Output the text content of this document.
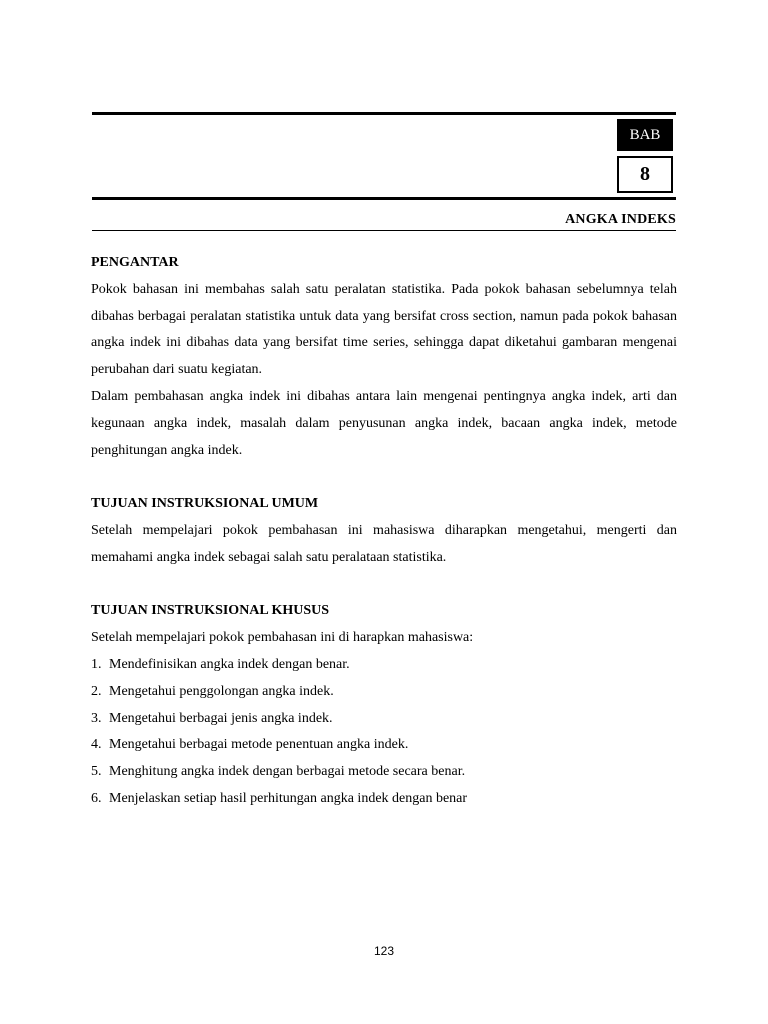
BAB
8
ANGKA INDEKS
PENGANTAR

Pokok bahasan ini membahas salah satu peralatan statistika. Pada pokok bahasan sebelumnya telah dibahas berbagai peralatan statistika untuk data yang bersifat cross section, namun pada pokok bahasan angka indek ini dibahas data yang bersifat time series, sehingga dapat diketahui gambaran mengenai perubahan dari suatu kegiatan.

Dalam pembahasan angka indek ini dibahas antara lain mengenai pentingnya angka indek, arti dan kegunaan angka indek, masalah dalam penyusunan angka indek, bacaan angka indek, metode penghitungan angka indek.

TUJUAN INSTRUKSIONAL UMUM

Setelah mempelajari pokok pembahasan ini mahasiswa diharapkan mengetahui, mengerti dan memahami angka indek sebagai salah satu peralataan statistika.

TUJUAN INSTRUKSIONAL KHUSUS

Setelah mempelajari pokok pembahasan ini di harapkan mahasiswa:

1. Mendefinisikan angka indek dengan benar.
2. Mengetahui penggolongan angka indek.
3. Mengetahui berbagai jenis angka indek.
4. Mengetahui berbagai metode penentuan angka indek.
5. Menghitung angka indek dengan berbagai metode secara benar.
6. Menjelaskan setiap hasil perhitungan angka indek dengan benar
123
